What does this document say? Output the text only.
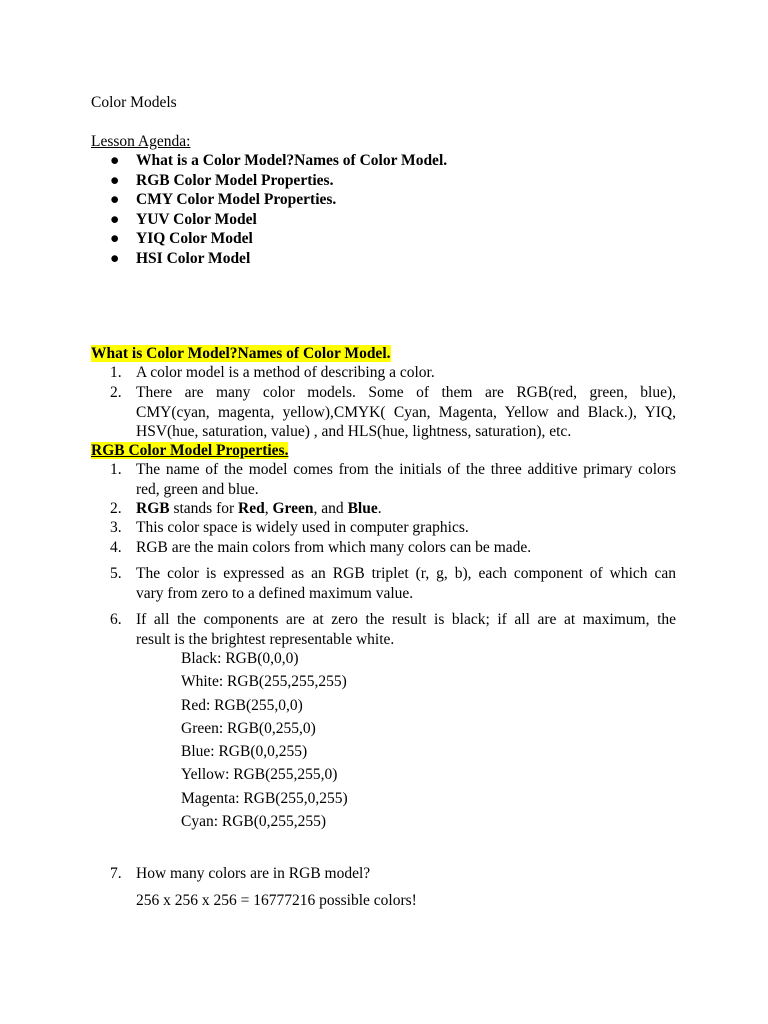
Color Models
Lesson Agenda:
● What is a Color Model?Names of Color Model.
● RGB Color Model Properties.
● CMY Color Model Properties.
● YUV Color Model
● YIQ Color Model
● HSI Color Model
What is Color Model?Names of Color Model.
1. A color model is a method of describing a color.
2. There are many color models. Some of them are RGB(red, green, blue),
CMY(cyan, magenta, yellow),CMYK( Cyan, Magenta, Yellow and Black.), YIQ,
HSV(hue, saturation, value) , and HLS(hue, lightness, saturation), etc.
RGB Color Model Properties.
1. The name of the model comes from the initials of the three additive primary colors
red, green and blue.
2. RGB stands for Red, Green, and Blue.
3. This color space is widely used in computer graphics.
4. RGB are the main colors from which many colors can be made.
5. The color is expressed as an RGB triplet (r, g, b), each component of which can
vary from zero to a defined maximum value.
6. If all the components are at zero the result is black; if all are at maximum, the
result is the brightest representable white.
Black: RGB(0,0,0)
White: RGB(255,255,255)
Red: RGB(255,0,0)
Green: RGB(0,255,0)
Blue: RGB(0,0,255)
Yellow: RGB(255,255,0)
Magenta: RGB(255,0,255)
Cyan: RGB(0,255,255)
7. How many colors are in RGB model?
256 x 256 x 256 = 16777216 possible colors!
